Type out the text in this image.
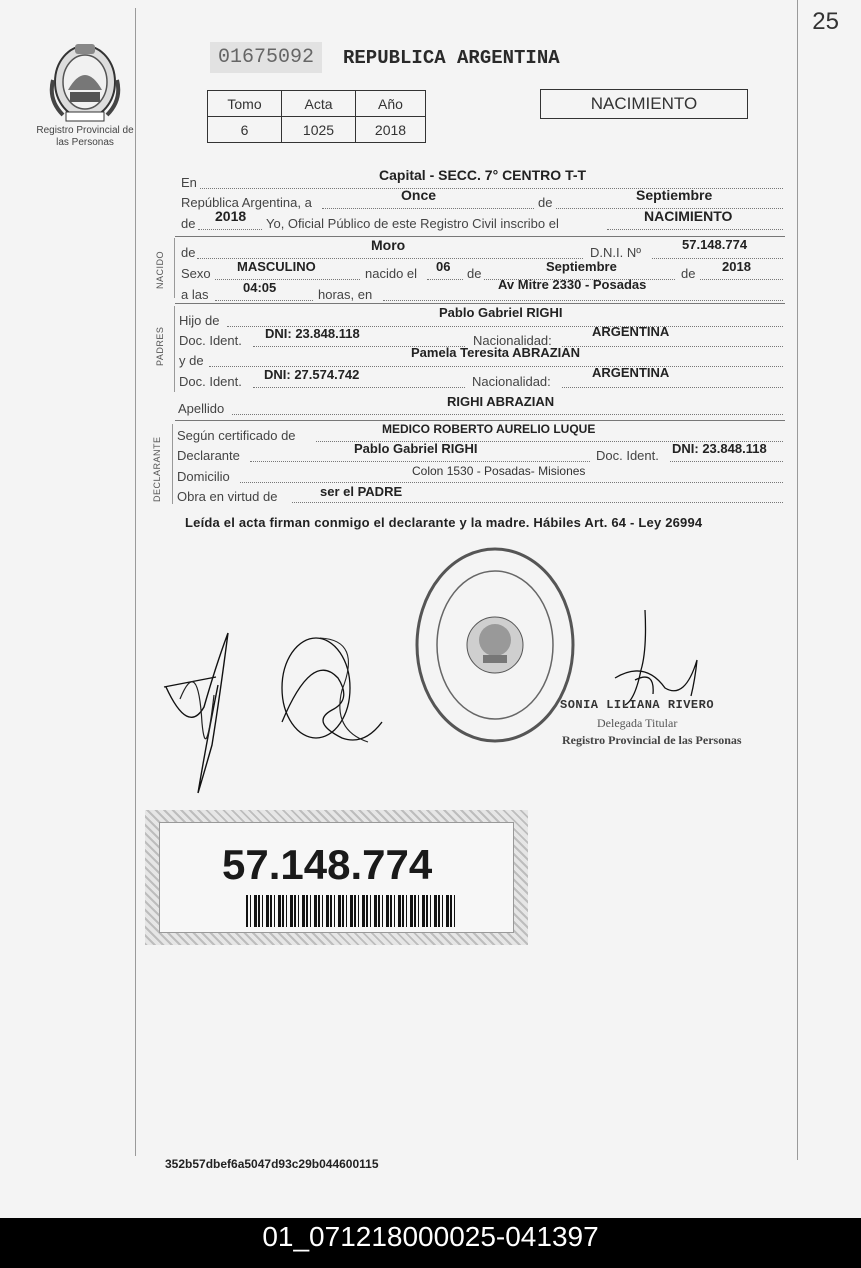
25
Registro Provincial de las Personas
01675092	REPUBLICA ARGENTINA
Tomo	Acta	Año
6	1025	2018
NACIMIENTO
En	Capital - SECC. 7° CENTRO T-T
República Argentina, a	Once	de	Septiembre
de 2018 Yo, Oficial Público de este Registro Civil inscribo el	NACIMIENTO
NACIDO de	Moro	D.N.I. Nº
57.148.774
Sexo MASCULINO	nacido el 06 de	Septiembre	de 2018
a las	04:05	horas, en
Av Mitre 2330 - Posadas
PADRES
Hijo de
Pablo Gabriel RIGHI
Doc. Ident. DNI: 23.848.118	Nacionalidad:
ARGENTINA
y de
Pamela Teresita ABRAZIAN
Doc. Ident. DNI: 27.574.742	Nacionalidad:
ARGENTINA
Apellido	RIGHI ABRAZIAN
DECLARANTE
Según certificado de	MEDICO ROBERTO AURELIO LUQUE
Declarante	Pablo Gabriel RIGHI	Doc. Ident. DNI: 23.848.118
Domicilio	Colon 1530 - Posadas- Misiones
Obra en virtud de	ser el PADRE
Leída el acta firman conmigo el declarante y la madre. Hábiles Art. 64 - Ley 26994
SONIA LILIANA RIVERO
Delegada Titular
Registro Provincial de las Personas
57.148.774
352b57dbef6a5047d93c29b044600115
01_071218000025-041397
